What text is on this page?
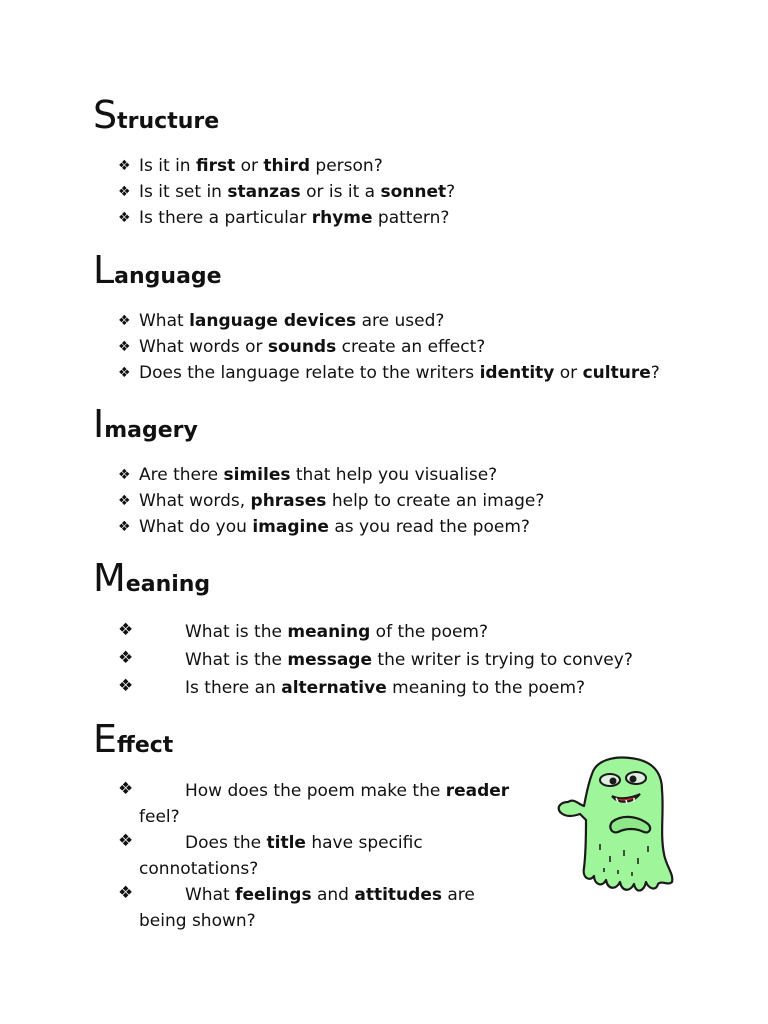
Structure
❖ Is it in first or third person?
❖ Is it set in stanzas or is it a sonnet?
❖ Is there a particular rhyme pattern?
Language
❖ What language devices are used?
❖ What words or sounds create an effect?
❖ Does the language relate to the writers identity or culture?
Imagery
❖ Are there similes that help you visualise?
❖ What words, phrases help to create an image?
❖ What do you imagine as you read the poem?
Meaning
❖	What is the meaning of the poem?
❖	What is the message the writer is trying to convey?
❖	Is there an alternative meaning to the poem?
Effect
❖	How does the poem make the reader feel?
❖	Does the title have specific connotations?
❖	What feelings and attitudes are being shown?
